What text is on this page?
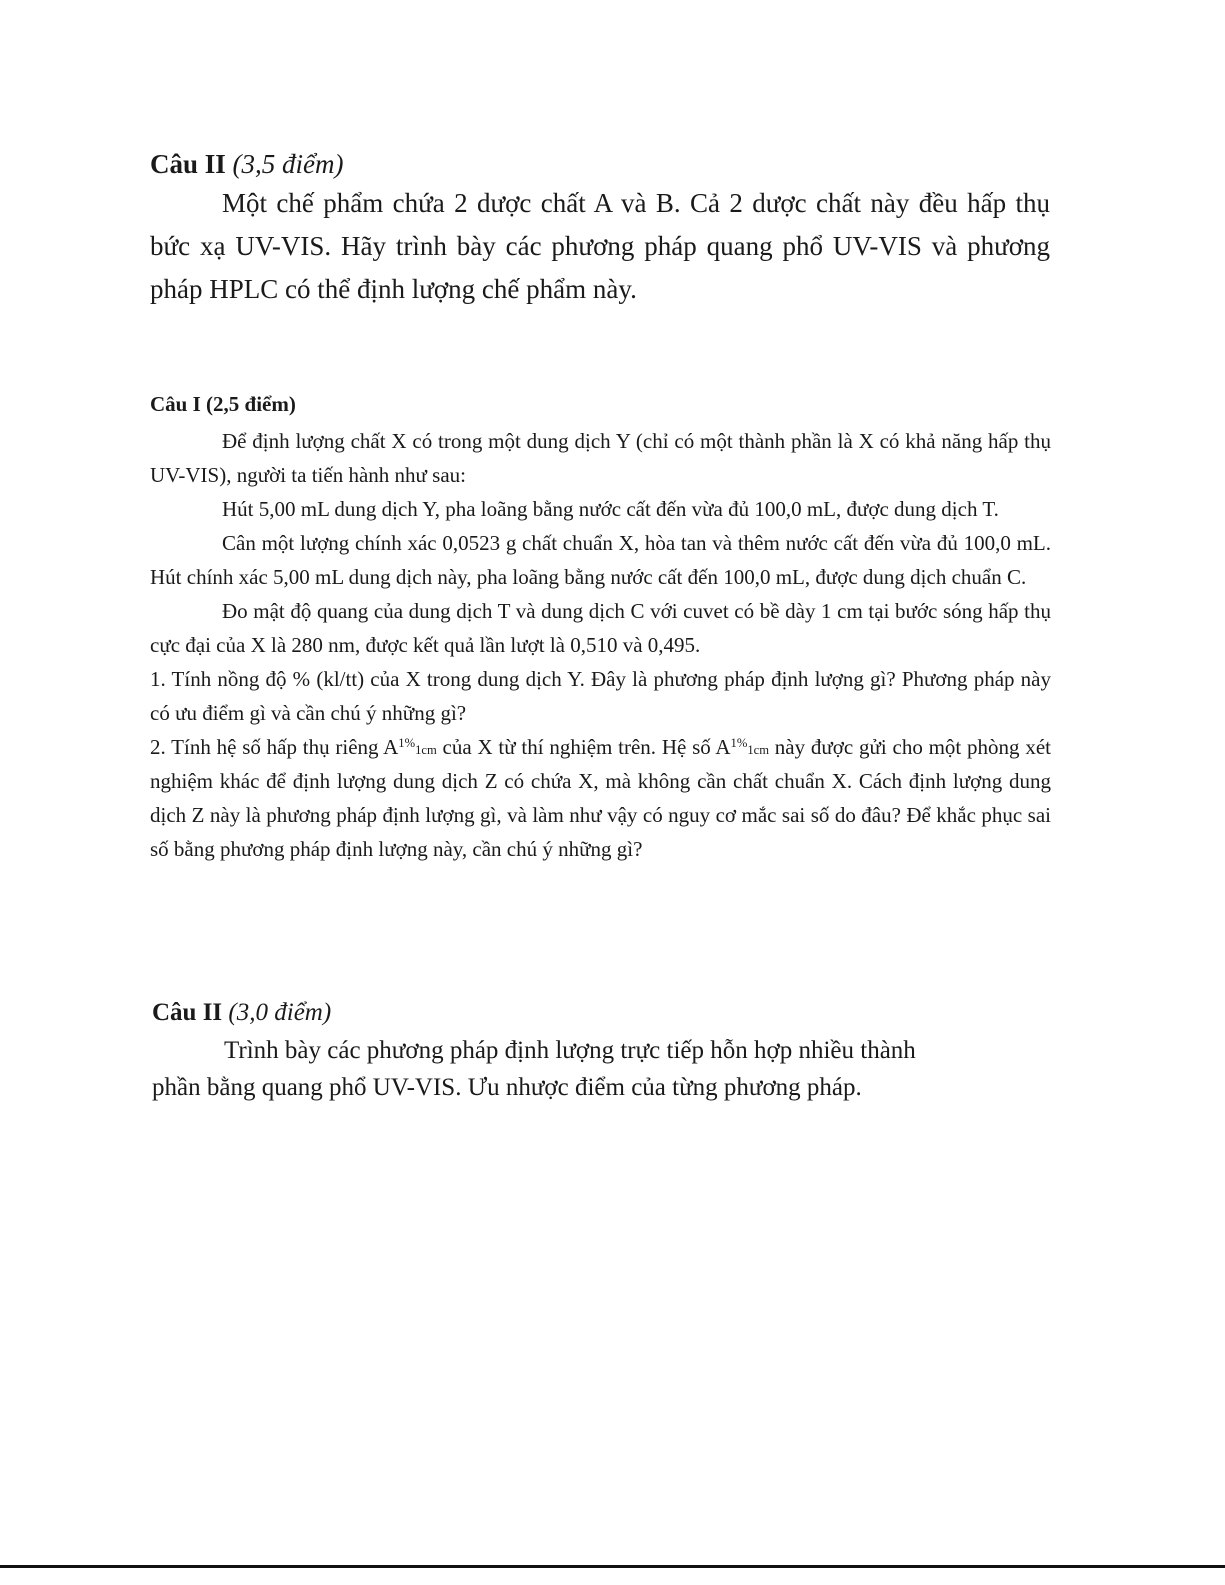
Câu II (3,5 điểm)

Một chế phẩm chứa 2 dược chất A và B. Cả 2 dược chất này đều hấp thụ bức xạ UV-VIS. Hãy trình bày các phương pháp quang phổ UV-VIS và phương pháp HPLC có thể định lượng chế phẩm này.

Câu I (2,5 điểm)

Để định lượng chất X có trong một dung dịch Y (chỉ có một thành phần là X có khả năng hấp thụ UV-VIS), người ta tiến hành như sau:

Hút 5,00 mL dung dịch Y, pha loãng bằng nước cất đến vừa đủ 100,0 mL, được dung dịch T.

Cân một lượng chính xác 0,0523 g chất chuẩn X, hòa tan và thêm nước cất đến vừa đủ 100,0 mL. Hút chính xác 5,00 mL dung dịch này, pha loãng bằng nước cất đến 100,0 mL, được dung dịch chuẩn C.

Đo mật độ quang của dung dịch T và dung dịch C với cuvet có bề dày 1 cm tại bước sóng hấp thụ cực đại của X là 280 nm, được kết quả lần lượt là 0,510 và 0,495.

1. Tính nồng độ % (kl/tt) của X trong dung dịch Y. Đây là phương pháp định lượng gì? Phương pháp này có ưu điểm gì và cần chú ý những gì?

2. Tính hệ số hấp thụ riêng $A^{1\%}1cm$ của X từ thí nghiệm trên. Hệ số $A^{1\%}1cm$ này được gửi cho một phòng xét nghiệm khác để định lượng dung dịch Z có chứa X, mà không cần chất chuẩn X. Cách định lượng dung dịch Z này là phương pháp định lượng gì, và làm như vậy có nguy cơ mắc sai số do đâu? Để khắc phục sai số bằng phương pháp định lượng này, cần chú ý những gì?

Câu II (3,0 điểm)
Trình bày các phương pháp định lượng trực tiếp hỗn hợp nhiều thành
phần bằng quang phổ UV-VIS. Ưu nhược điểm của từng phương pháp.
